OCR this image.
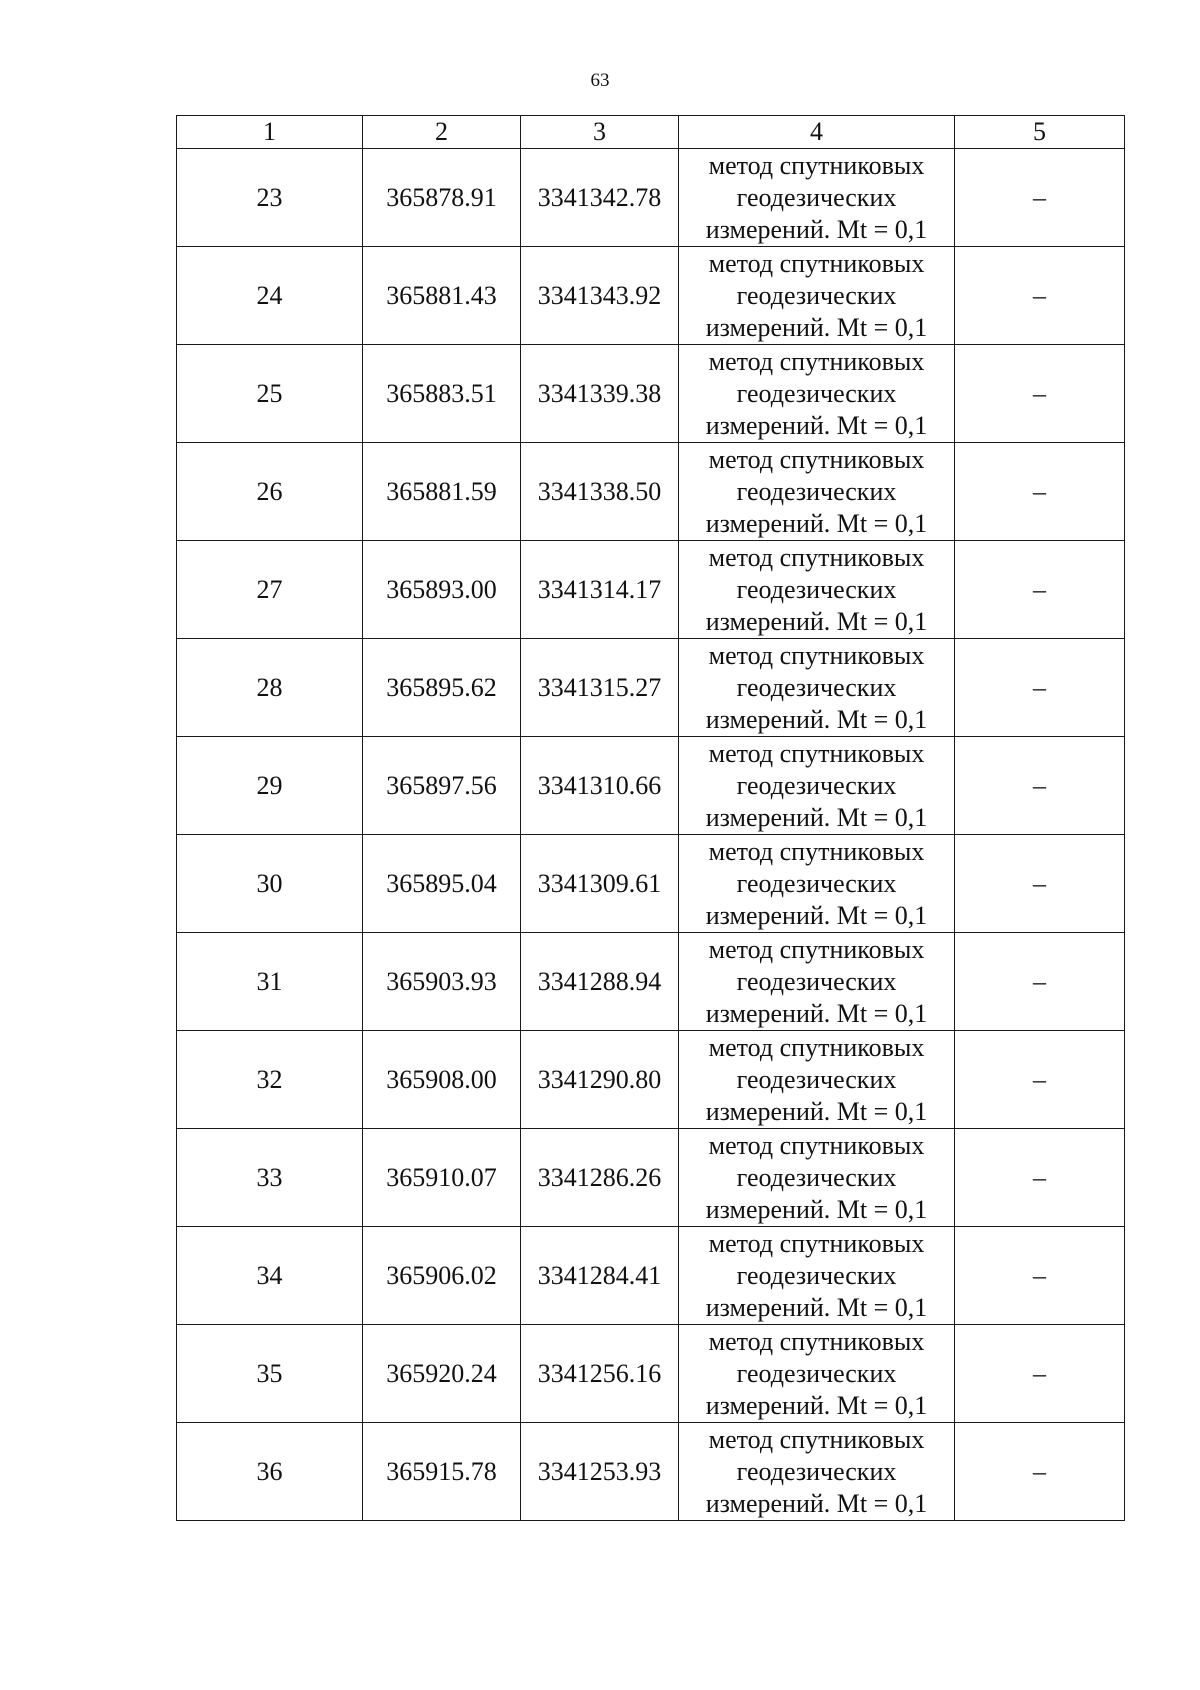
63
1	2	3	4	5
23	365878.91	3341342.78	метод спутниковых
геодезических
измерений. Mt = 0,1	–
24	365881.43	3341343.92	метод спутниковых
геодезических
измерений. Mt = 0,1	–
25	365883.51	3341339.38	метод спутниковых
геодезических
измерений. Mt = 0,1	–
26	365881.59	3341338.50	метод спутниковых
геодезических
измерений. Mt = 0,1	–
27	365893.00	3341314.17	метод спутниковых
геодезических
измерений. Mt = 0,1	–
28	365895.62	3341315.27	метод спутниковых
геодезических
измерений. Mt = 0,1	–
29	365897.56	3341310.66	метод спутниковых
геодезических
измерений. Mt = 0,1	–
30	365895.04	3341309.61	метод спутниковых
геодезических
измерений. Mt = 0,1	–
31	365903.93	3341288.94	метод спутниковых
геодезических
измерений. Mt = 0,1	–
32	365908.00	3341290.80	метод спутниковых
геодезических
измерений. Mt = 0,1	–
33	365910.07	3341286.26	метод спутниковых
геодезических
измерений. Mt = 0,1	–
34	365906.02	3341284.41	метод спутниковых
геодезических
измерений. Mt = 0,1	–
35	365920.24	3341256.16	метод спутниковых
геодезических
измерений. Mt = 0,1	–
36	365915.78	3341253.93	метод спутниковых
геодезических
измерений. Mt = 0,1	–
